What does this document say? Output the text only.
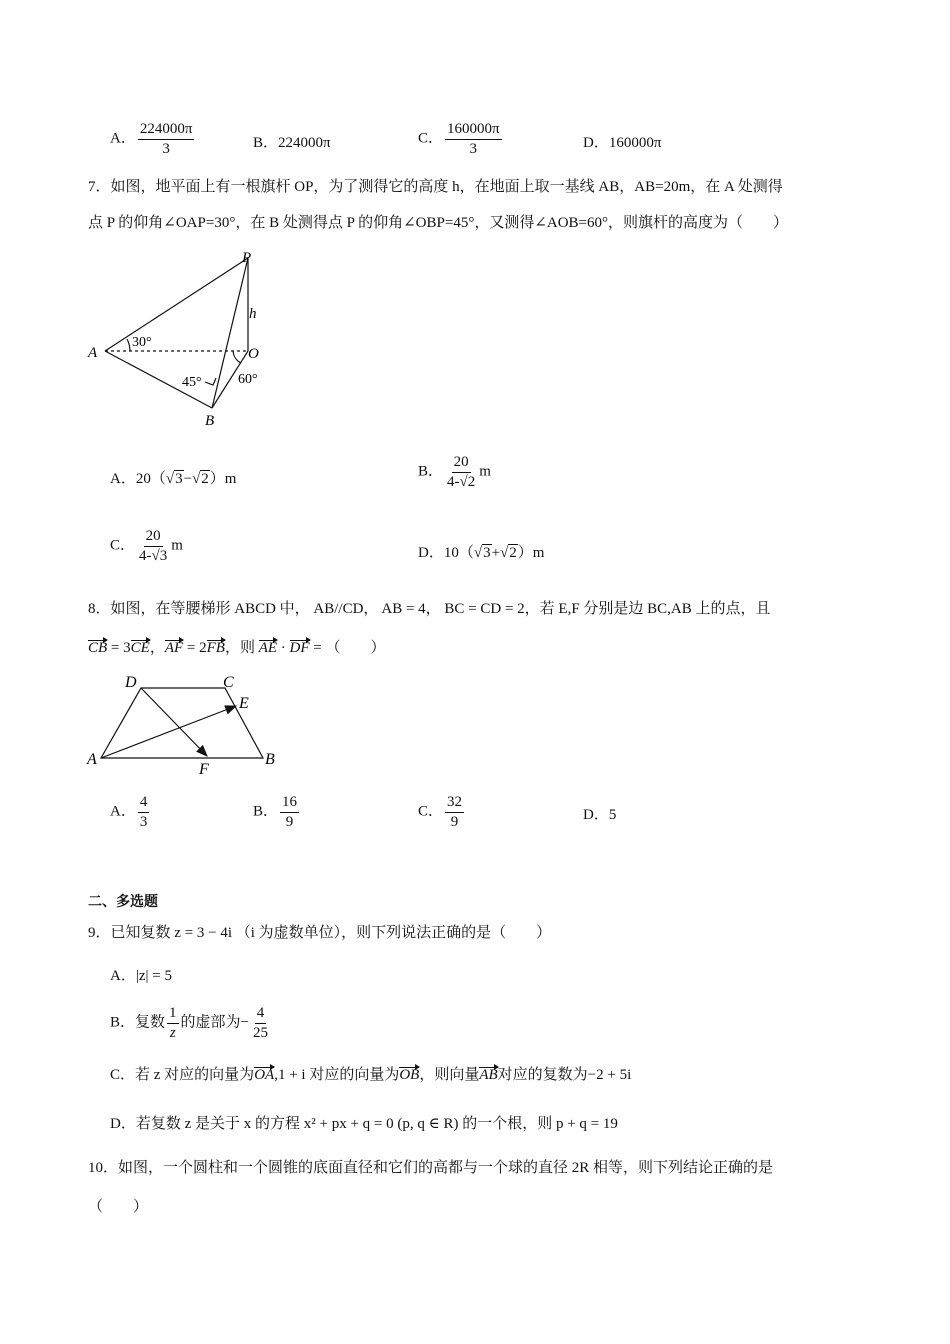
A． $\frac{224000\pi}{3}$	B．224000π	C． $\frac{160000\pi}{3}$	D．160000π
7．如图，地平面上有一根旗杆 OP，为了测得它的高度 h，在地面上取一基线 AB，AB=20m，在 A 处测得
点 P 的仰角∠OAP=30°，在 B 处测得点 P 的仰角∠OBP=45°，又测得∠AOB=60°，则旗杆的高度为（　　）
P
h
A	O
B
30°
45°	60°
A．20（√3−√2）m	B． $\frac{20}{4-√2}$ m
C． $\frac{20}{4-√3}$ m	D．10（√3+√2）m
8．如图，在等腰梯形 ABCD 中， AB//CD， AB = 4， BC = CD = 2，若 E,F 分别是边 BC,AB 上的点，且
CB = 3CE，AF = 2FB，则 AE · DF = （　　）
D	C
E
A
F
B
A． $\frac{4}{3}$	B． $\frac{16}{9}$	C． $\frac{32}{9}$	D．5
二、多选题
9．已知复数 z = 3 − 4i （i 为虚数单位），则下列说法正确的是（　　）
A．|z| = 5
B．复数 $\frac{1}{z}$ 的虚部为− $\frac{4}{25}$
C．若 z 对应的向量为OA,1 + i 对应的向量为OB，则向量AB对应的复数为−2 + 5i
D．若复数 z 是关于 x 的方程 x² + px + q = 0 (p, q ∈ R) 的一个根，则 p + q = 19
10．如图，一个圆柱和一个圆锥的底面直径和它们的高都与一个球的直径 2R 相等，则下列结论正确的是
（　　）
